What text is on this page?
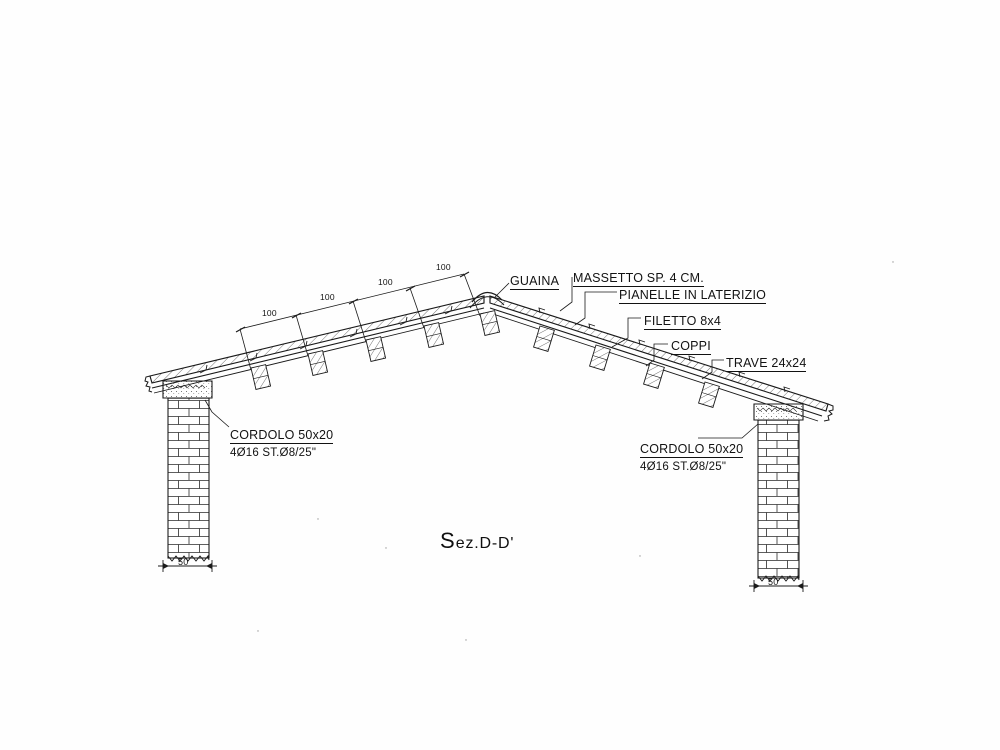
GUAINA MASSETTO SP. 4 CM.
PIANELLE IN LATERIZIO
FILETTO 8x4
COPPI
TRAVE 24x24
CORDOLO 50x20
4Ø16 ST.Ø8/25"	CORDOLO 50x20
4Ø16 ST.Ø8/25"
100
100
100
100
50
50
Sez.D-D'
